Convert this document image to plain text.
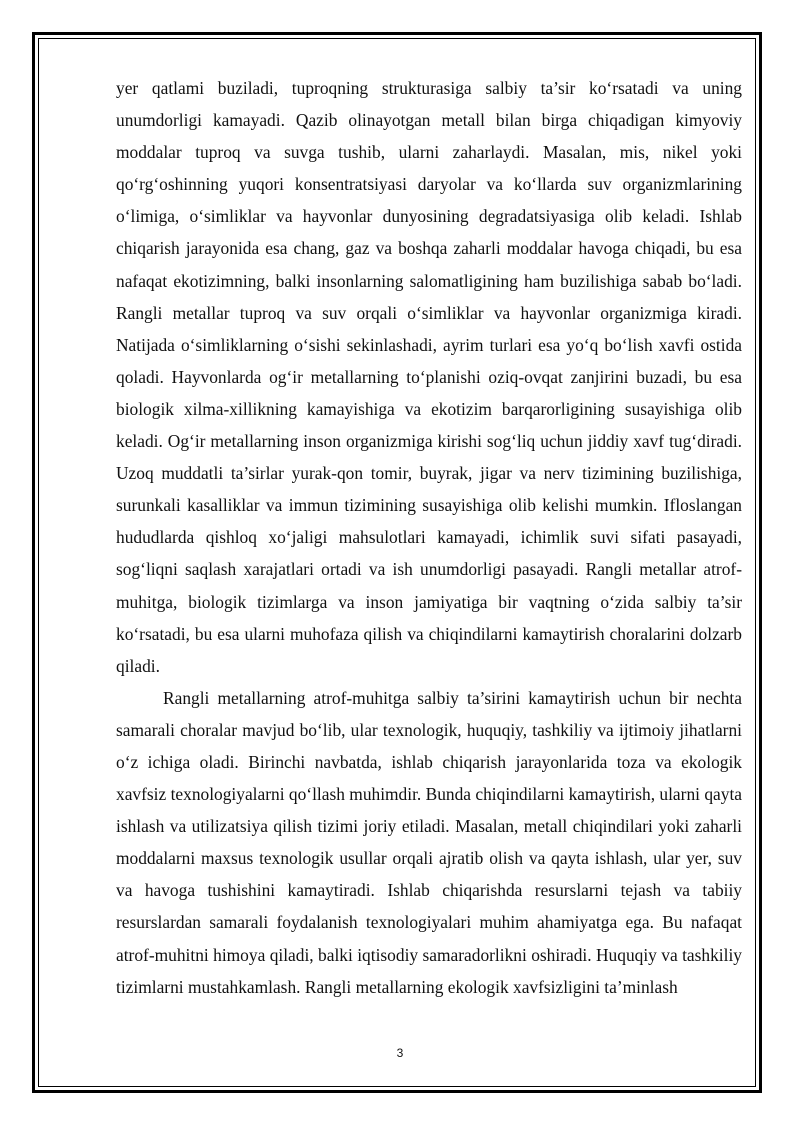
yer qatlami buziladi, tuproqning strukturasiga salbiy ta’sir ko‘rsatadi va uning unumdorligi kamayadi. Qazib olinayotgan metall bilan birga chiqadigan kimyoviy moddalar tuproq va suvga tushib, ularni zaharlaydi. Masalan, mis, nikel yoki qo‘rg‘oshinning yuqori konsentratsiyasi daryolar va ko‘llarda suv organizmlarining o‘limiga, o‘simliklar va hayvonlar dunyosining degradatsiyasiga olib keladi. Ishlab chiqarish jarayonida esa chang, gaz va boshqa zaharli moddalar havoga chiqadi, bu esa nafaqat ekotizimning, balki insonlarning salomatligining ham buzilishiga sabab bo‘ladi. Rangli metallar tuproq va suv orqali o‘simliklar va hayvonlar organizmiga kiradi. Natijada o‘simliklarning o‘sishi sekinlashadi, ayrim turlari esa yo‘q bo‘lish xavfi ostida qoladi. Hayvonlarda og‘ir metallarning to‘planishi oziq-ovqat zanjirini buzadi, bu esa biologik xilma-xillikning kamayishiga va ekotizim barqarorligining susayishiga olib keladi. Og‘ir metallarning inson organizmiga kirishi sog‘liq uchun jiddiy xavf tug‘diradi. Uzoq muddatli ta’sirlar yurak-qon tomir, buyrak, jigar va nerv tizimining buzilishiga, surunkali kasalliklar va immun tizimining susayishiga olib kelishi mumkin. Ifloslangan hududlarda qishloq xo‘jaligi mahsulotlari kamayadi, ichimlik suvi sifati pasayadi, sog‘liqni saqlash xarajatlari ortadi va ish unumdorligi pasayadi. Rangli metallar atrof-muhitga, biologik tizimlarga va inson jamiyatiga bir vaqtning o‘zida salbiy ta’sir ko‘rsatadi, bu esa ularni muhofaza qilish va chiqindilarni kamaytirish choralarini dolzarb qiladi.

Rangli metallarning atrof-muhitga salbiy ta’sirini kamaytirish uchun bir nechta samarali choralar mavjud bo‘lib, ular texnologik, huquqiy, tashkiliy va ijtimoiy jihatlarni o‘z ichiga oladi. Birinchi navbatda, ishlab chiqarish jarayonlarida toza va ekologik xavfsiz texnologiyalarni qo‘llash muhimdir. Bunda chiqindilarni kamaytirish, ularni qayta ishlash va utilizatsiya qilish tizimi joriy etiladi. Masalan, metall chiqindilari yoki zaharli moddalarni maxsus texnologik usullar orqali ajratib olish va qayta ishlash, ular yer, suv va havoga tushishini kamaytiradi. Ishlab chiqarishda resurslarni tejash va tabiiy resurslardan samarali foydalanish texnologiyalari muhim ahamiyatga ega. Bu nafaqat atrof-muhitni himoya qiladi, balki iqtisodiy samaradorlikni oshiradi. Huquqiy va tashkiliy tizimlarni mustahkamlash. Rangli metallarning ekologik xavfsizligini ta’minlash

3
